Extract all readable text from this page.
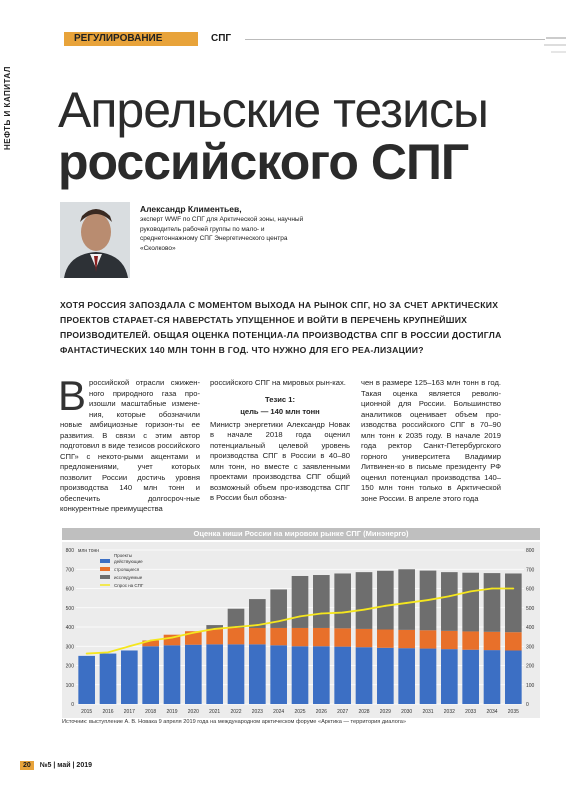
НЕФТЬ И КАПИТАЛ
РЕГУЛИРОВАНИЕ	СПГ
Апрельские тезисы
российского СПГ
Александр Климентьев,
эксперт WWF по СПГ для Арктической зоны, научный руководитель рабочей группы по мало- и среднетоннажному СПГ Энергетического центра «Сколково»
ХОТЯ РОССИЯ ЗАПОЗДАЛА С МОМЕНТОМ ВЫХОДА НА РЫНОК СПГ, НО ЗА СЧЕТ АРКТИЧЕСКИХ ПРОЕКТОВ СТАРАЕТ-СЯ НАВЕРСТАТЬ УПУЩЕННОЕ И ВОЙТИ В ПЕРЕЧЕНЬ КРУПНЕЙШИХ ПРОИЗВОДИТЕЛЕЙ. ОБЩАЯ ОЦЕНКА ПОТЕНЦИА-ЛА ПРОИЗВОДСТВА СПГ В РОССИИ ДОСТИГЛА ФАНТАСТИЧЕСКИХ 140 МЛН ТОНН В ГОД. ЧТО НУЖНО ДЛЯ ЕГО РЕА-ЛИЗАЦИИ?
В российской отрасли сжижен-ного природного газа про-изошли масштабные измене-ния, которые обозначили новые амбициозные горизон-ты ее развития. В связи с этим автор подготовил в виде тезисов российского СПГ» с некото-рыми акцентами и предложениями, учет которых позволит России достичь уровня производства 140 млн тонн и обеспечить долгосроч-ные конкурентные преимущества
российского СПГ на мировых рын-ках.
Тезис 1:
цель — 140 млн тонн
Министр энергетики Александр Новак в начале 2018 года оценил потенциальный целевой уровень производства СПГ в России в 40–80 млн тонн, но вместе с заявленными проектами производства СПГ общий возможный объем про-изводства СПГ в России был обозна-
чен в размере 125–163 млн тонн в год. Такая оценка является револю-ционной для России. Большинство аналитиков оценивает объем про-изводства российского СПГ в 70–90 млн тонн к 2035 году. В начале 2019 года ректор Санкт-Петербургского горного университета Владимир Литвинен-ко в письме президенту РФ оценил потенциал производства 140–150 млн тонн только в Арктической зоне России. В апреле этого года
Оценка ниши России на мировом рынке СПГ (Минэнерго)
0	0
100	100
200	200
300	300
400	400
500	500
600	600
700	700
800	800
млн тонн
2015 2016 2017 2018 2019 2020 2021 2022 2023 2024 2025 2026 2027 2028 2029 2030 2031 2032 2033 2034 2035
Проекты
действующие
строящиеся
исследуемые
Спрос на СПГ
Источник: выступление А. В. Новака 9 апреля 2019 года на международном арктическом форуме «Арктика — территория диалога»
20 №5 | май | 2019
